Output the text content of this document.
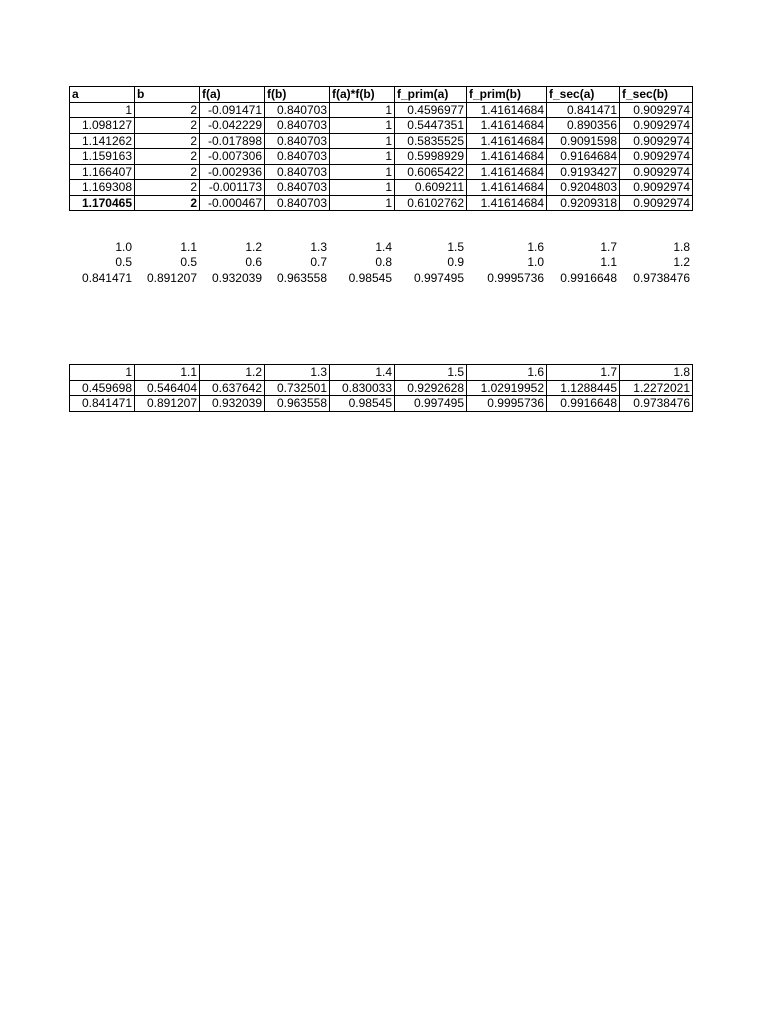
a	b	f(a)	f(b)	f(a)*f(b)	f_prim(a)	f_prim(b)	f_sec(a)	f_sec(b)
1	2	-0.091471	0.840703	1	0.4596977	1.41614684	0.841471	0.9092974
1.098127	2	-0.042229	0.840703	1	0.5447351	1.41614684	0.890356	0.9092974
1.141262	2	-0.017898	0.840703	1	0.5835525	1.41614684	0.9091598	0.9092974
1.159163	2	-0.007306	0.840703	1	0.5998929	1.41614684	0.9164684	0.9092974
1.166407	2	-0.002936	0.840703	1	0.6065422	1.41614684	0.9193427	0.9092974
1.169308	2	-0.001173	0.840703	1	0.609211	1.41614684	0.9204803	0.9092974
1.170465	2	-0.000467	0.840703	1	0.6102762	1.41614684	0.9209318	0.9092974
1.0	1.1	1.2	1.3	1.4	1.5	1.6	1.7	1.8
0.5	0.5	0.6	0.7	0.8	0.9	1.0	1.1	1.2
0.841471	0.891207	0.932039	0.963558	0.98545	0.997495	0.9995736	0.9916648	0.9738476
1	1.1	1.2	1.3	1.4	1.5	1.6	1.7	1.8
0.459698	0.546404	0.637642	0.732501	0.830033	0.9292628	1.02919952	1.1288445	1.2272021
0.841471	0.891207	0.932039	0.963558	0.98545	0.997495	0.9995736	0.9916648	0.9738476
